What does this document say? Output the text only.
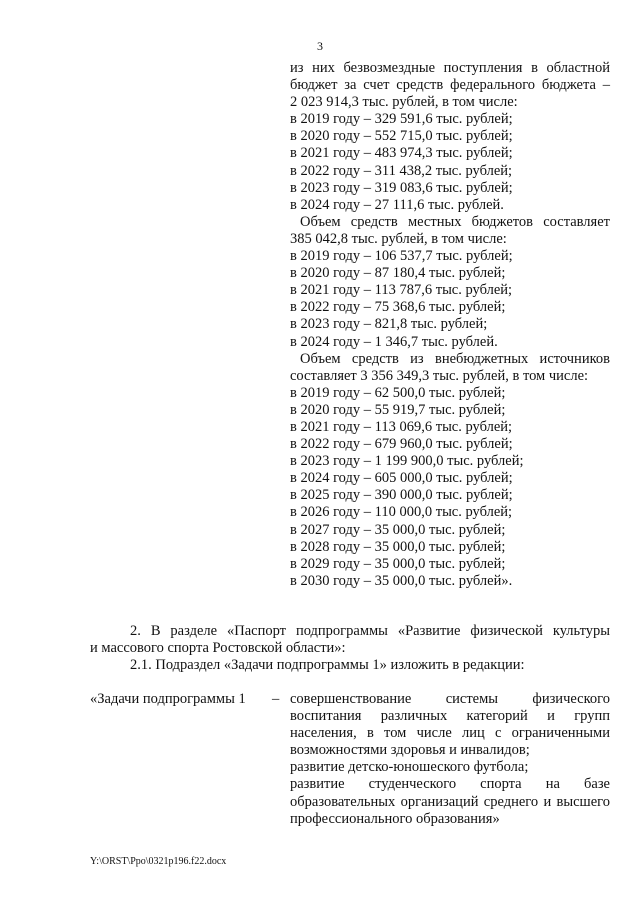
3
из них безвозмездные поступления в областной
бюджет за счет средств федерального бюджета –
2 023 914,3 тыс. рублей, в том числе:
в 2019 году – 329 591,6 тыс. рублей;
в 2020 году – 552 715,0 тыс. рублей;
в 2021 году – 483 974,3 тыс. рублей;
в 2022 году – 311 438,2 тыс. рублей;
в 2023 году – 319 083,6 тыс. рублей;
в 2024 году – 27 111,6 тыс. рублей.
Объем средств местных бюджетов составляет
385 042,8 тыс. рублей, в том числе:
в 2019 году – 106 537,7 тыс. рублей;
в 2020 году – 87 180,4 тыс. рублей;
в 2021 году – 113 787,6 тыс. рублей;
в 2022 году – 75 368,6 тыс. рублей;
в 2023 году – 821,8 тыс. рублей;
в 2024 году – 1 346,7 тыс. рублей.
Объем средств из внебюджетных источников
составляет 3 356 349,3 тыс. рублей, в том числе:
в 2019 году – 62 500,0 тыс. рублей;
в 2020 году – 55 919,7 тыс. рублей;
в 2021 году – 113 069,6 тыс. рублей;
в 2022 году – 679 960,0 тыс. рублей;
в 2023 году – 1 199 900,0 тыс. рублей;
в 2024 году – 605 000,0 тыс. рублей;
в 2025 году – 390 000,0 тыс. рублей;
в 2026 году – 110 000,0 тыс. рублей;
в 2027 году – 35 000,0 тыс. рублей;
в 2028 году – 35 000,0 тыс. рублей;
в 2029 году – 35 000,0 тыс. рублей;
в 2030 году – 35 000,0 тыс. рублей».
2. В разделе «Паспорт подпрограммы «Развитие физической культуры
и массового спорта Ростовской области»:
2.1. Подраздел «Задачи подпрограммы 1» изложить в редакции:
«Задачи подпрограммы 1 – совершенствование системы физического
воспитания различных категорий и групп
населения, в том числе лиц с ограниченными
возможностями здоровья и инвалидов;
развитие детско-юношеского футбола;
развитие студенческого спорта на базе
образовательных организаций среднего и высшего
профессионального образования»
Y:\ORST\Ppo\0321p196.f22.docx
